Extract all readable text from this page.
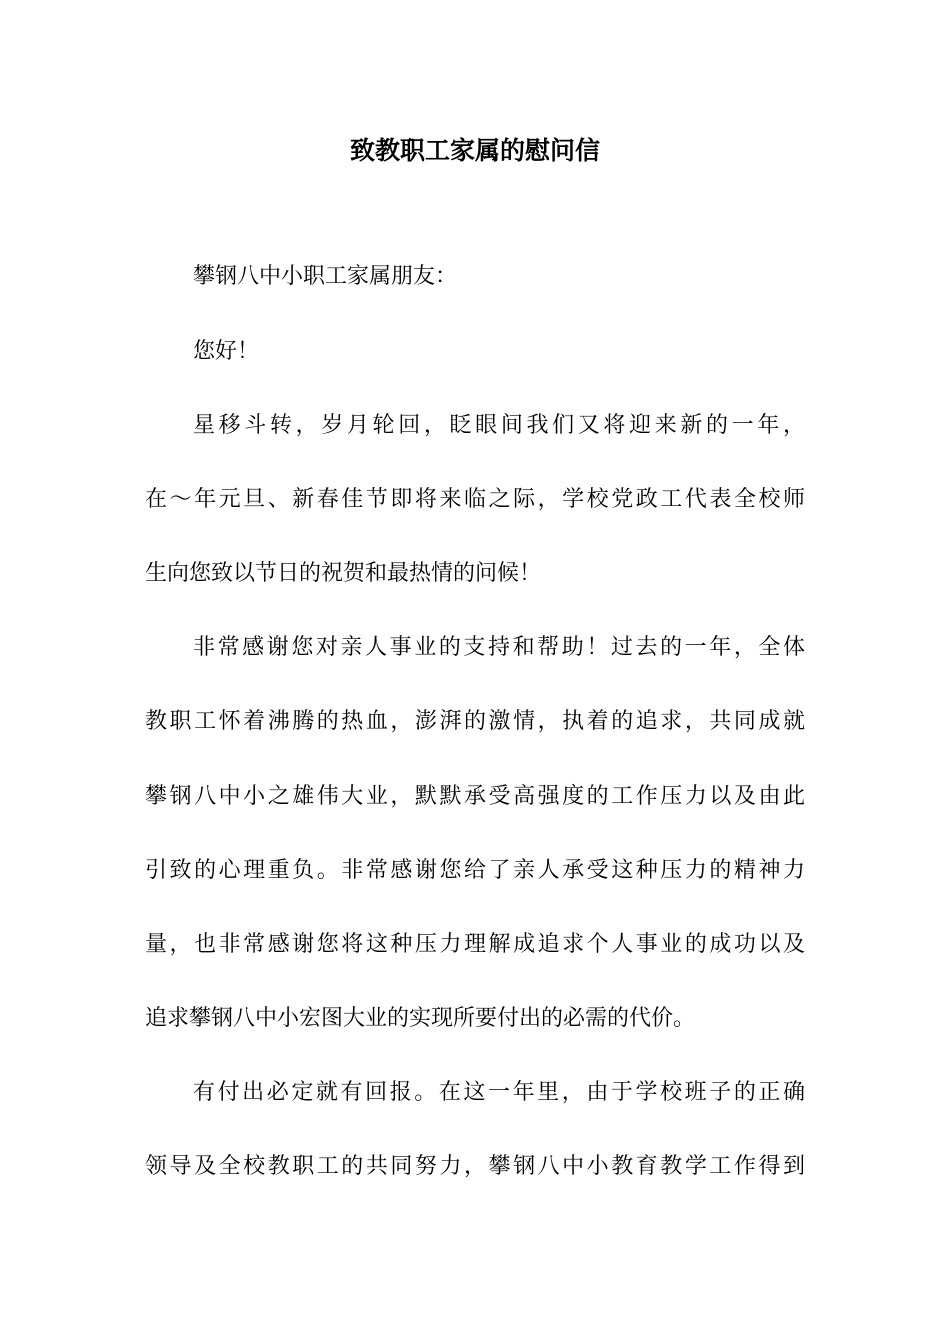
致教职工家属的慰问信
攀钢八中小职工家属朋友：
您好！
星移斗转，岁月轮回，眨眼间我们又将迎来新的一年，
在～年元旦、新春佳节即将来临之际，学校党政工代表全校师
生向您致以节日的祝贺和最热情的问候！
非常感谢您对亲人事业的支持和帮助！过去的一年，全体
教职工怀着沸腾的热血，澎湃的激情，执着的追求，共同成就
攀钢八中小之雄伟大业，默默承受高强度的工作压力以及由此
引致的心理重负。非常感谢您给了亲人承受这种压力的精神力
量，也非常感谢您将这种压力理解成追求个人事业的成功以及
追求攀钢八中小宏图大业的实现所要付出的必需的代价。
有付出必定就有回报。在这一年里，由于学校班子的正确
领导及全校教职工的共同努力，攀钢八中小教育教学工作得到
